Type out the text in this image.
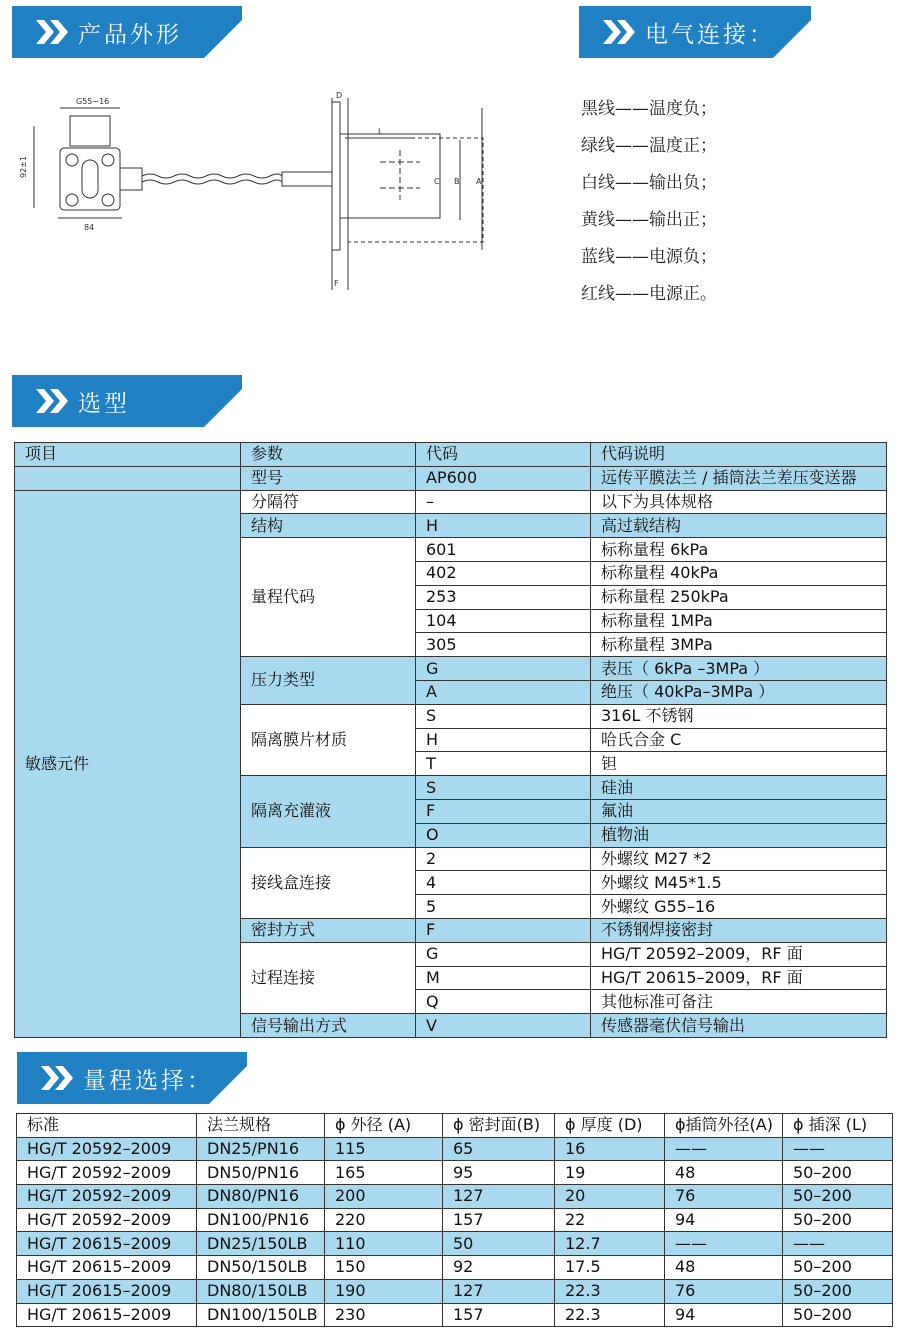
产品外形	电气连接：
选型
量程选择：
G55−16
92±1
84
D
L
C B A
F
黑线——温度负；
绿线——温度正；
白线——输出负；
黄线——输出正；
蓝线——电源负；
红线——电源正。
项目	参数	代码	代码说明
	型号	AP600	远传平膜法兰 / 插筒法兰差压变送器
敏感元件	分隔符	–	以下为具体规格
	结构	H	高过载结构
	量程代码	601	标称量程 6kPa
		402	标称量程 40kPa
		253	标称量程 250kPa
		104	标称量程 1MPa
		305	标称量程 3MPa
	压力类型	G	表压（ 6kPa –3MPa ）
		A	绝压（ 40kPa–3MPa ）
	隔离膜片材质	S	316L 不锈钢
		H	哈氏合金 C
		T	钽
	隔离充灌液	S	硅油
		F	氟油
		O	植物油
	接线盒连接	2	外螺纹 M27 *2
		4	外螺纹 M45*1.5
		5	外螺纹 G55–16
	密封方式	F	不锈钢焊接密封
	过程连接	G	HG/T 20592–2009，RF 面
		M	HG/T 20615–2009，RF 面
		Q	其他标准可备注
	信号输出方式	V	传感器毫伏信号输出
标准	法兰规格	ϕ 外径 (A)	ϕ 密封面(B)	ϕ 厚度 (D)	ϕ插筒外径(A)	ϕ 插深 (L)
HG/T 20592–2009	DN25/PN16	115	65	16	——	——
HG/T 20592–2009	DN50/PN16	165	95	19	48	50–200
HG/T 20592–2009	DN80/PN16	200	127	20	76	50–200
HG/T 20592–2009	DN100/PN16	220	157	22	94	50–200
HG/T 20615–2009	DN25/150LB	110	50	12.7	——	——
HG/T 20615–2009	DN50/150LB	150	92	17.5	48	50–200
HG/T 20615–2009	DN80/150LB	190	127	22.3	76	50–200
HG/T 20615–2009	DN100/150LB	230	157	22.3	94	50–200
